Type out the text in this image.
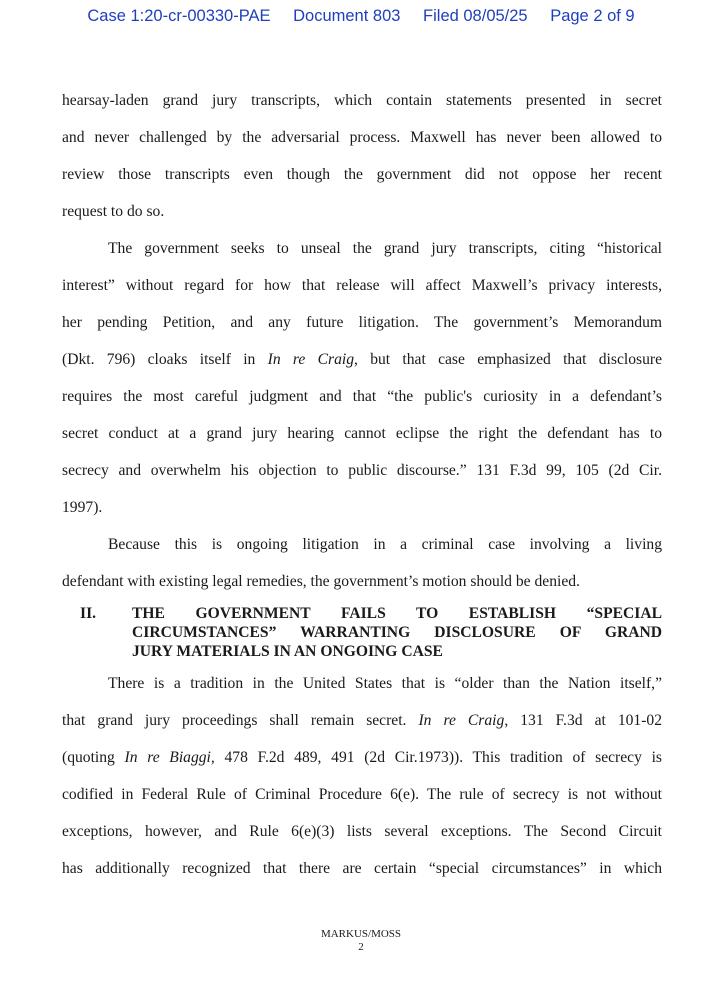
Case 1:20-cr-00330-PAE Document 803 Filed 08/05/25 Page 2 of 9

hearsay-laden grand jury transcripts, which contain statements presented in secret
and never challenged by the adversarial process. Maxwell has never been allowed to
review those transcripts even though the government did not oppose her recent
request to do so.

The government seeks to unseal the grand jury transcripts, citing “historical
interest” without regard for how that release will affect Maxwell’s privacy interests,
her pending Petition, and any future litigation. The government’s Memorandum
(Dkt. 796) cloaks itself in In re Craig, but that case emphasized that disclosure
requires the most careful judgment and that “the public's curiosity in a defendant’s
secret conduct at a grand jury hearing cannot eclipse the right the defendant has to
secrecy and overwhelm his objection to public discourse.” 131 F.3d 99, 105 (2d Cir.
1997).

Because this is ongoing litigation in a criminal case involving a living
defendant with existing legal remedies, the government’s motion should be denied.

II. THE GOVERNMENT FAILS TO ESTABLISH “SPECIAL
CIRCUMSTANCES” WARRANTING DISCLOSURE OF GRAND
JURY MATERIALS IN AN ONGOING CASE

There is a tradition in the United States that is “older than the Nation itself,”
that grand jury proceedings shall remain secret. In re Craig, 131 F.3d at 101-02
(quoting In re Biaggi, 478 F.2d 489, 491 (2d Cir.1973)). This tradition of secrecy is
codified in Federal Rule of Criminal Procedure 6(e). The rule of secrecy is not without
exceptions, however, and Rule 6(e)(3) lists several exceptions. The Second Circuit
has additionally recognized that there are certain “special circumstances” in which

MARKUS/MOSS
2
